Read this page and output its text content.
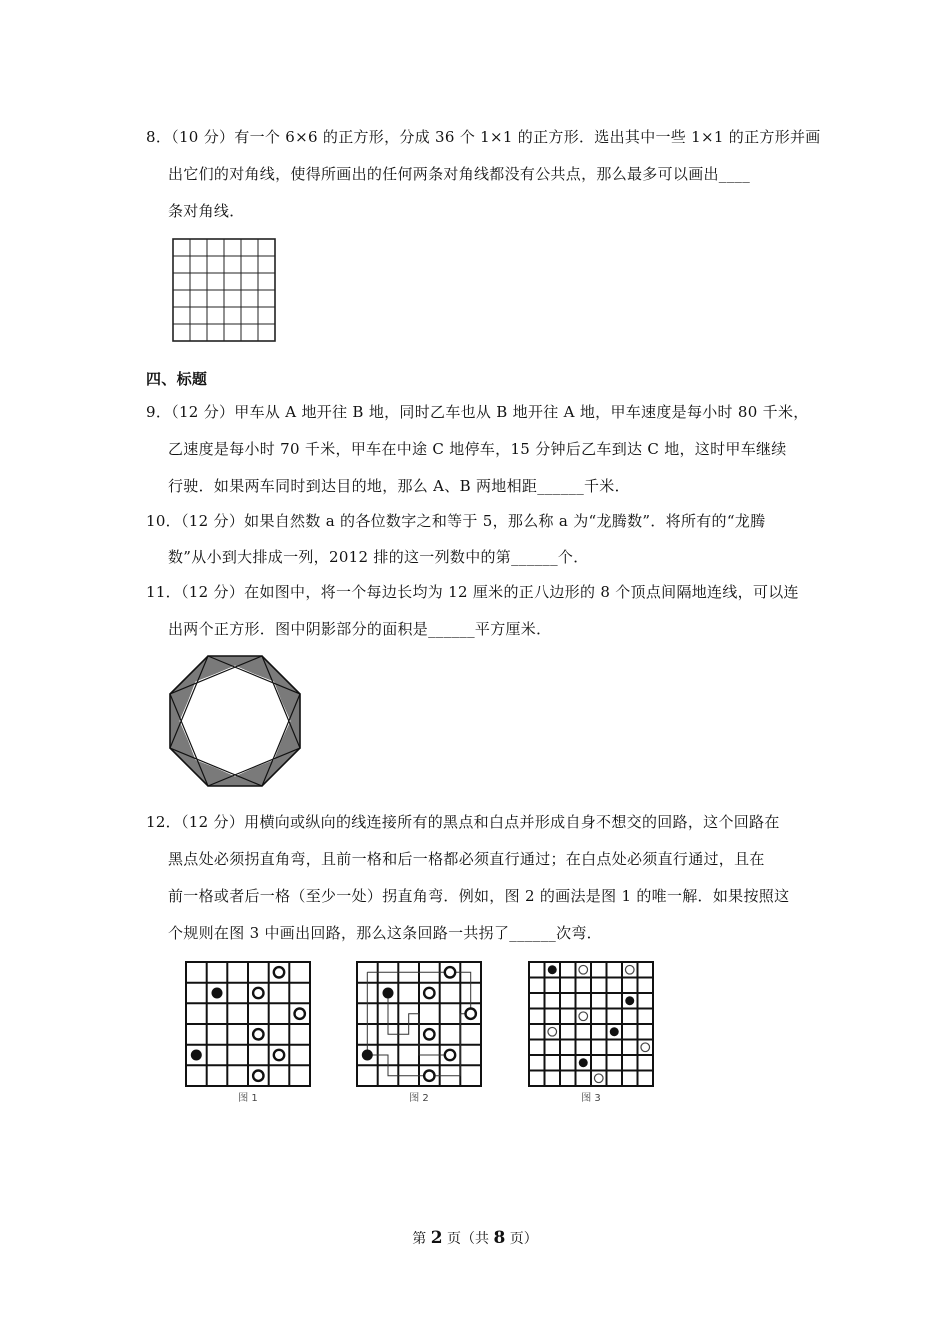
8．（10 分）有一个 6×6 的正方形，分成 36 个 1×1 的正方形．选出其中一些 1×1 的正方形并画
出它们的对角线，使得所画出的任何两条对角线都没有公共点，那么最多可以画出____
条对角线．
四、标题
9．（12 分）甲车从 A 地开往 B 地，同时乙车也从 B 地开往 A 地，甲车速度是每小时 80 千米，
乙速度是每小时 70 千米，甲车在中途 C 地停车，15 分钟后乙车到达 C 地，这时甲车继续
行驶．如果两车同时到达目的地，那么 A、B 两地相距______千米．
10．（12 分）如果自然数 a 的各位数字之和等于 5，那么称 a 为“龙腾数”．将所有的“龙腾
数”从小到大排成一列，2012 排的这一列数中的第______个．
11．（12 分）在如图中，将一个每边长均为 12 厘米的正八边形的 8 个顶点间隔地连线，可以连
出两个正方形．图中阴影部分的面积是______平方厘米．
12．（12 分）用横向或纵向的线连接所有的黑点和白点并形成自身不想交的回路，这个回路在
黑点处必须拐直角弯，且前一格和后一格都必须直行通过；在白点处必须直行通过，且在
前一格或者后一格（至少一处）拐直角弯．例如，图 2 的画法是图 1 的唯一解．如果按照这
个规则在图 3 中画出回路，那么这条回路一共拐了______次弯．
图 1	图 2	图 3
第 2 页（共 8 页）
